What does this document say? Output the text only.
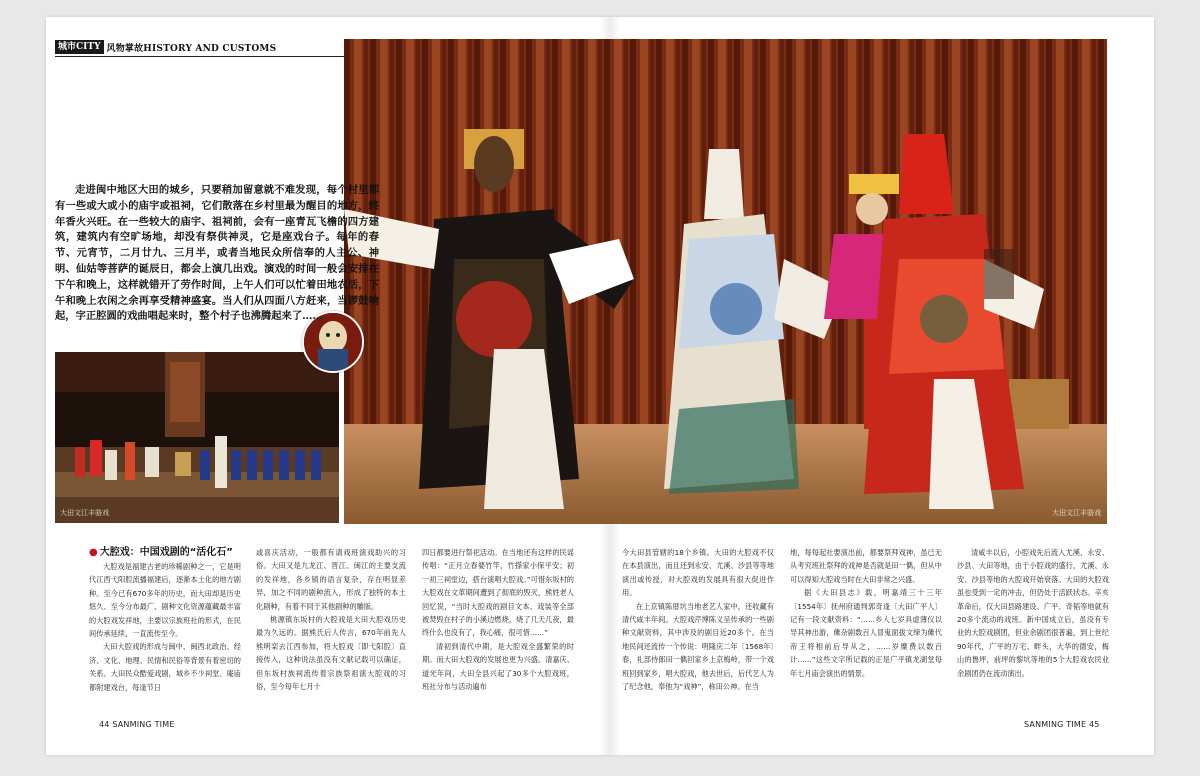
城市CITY 风物掌故HISTORY AND CUSTOMS
大田文江丰骆戏
大田文江丰骆戏

走进闽中地区大田的城乡，只要稍加留意就不难发现，每个村里都有一些或大或小的庙宇或祖祠，它们散落在乡村里最为醒目的地方，终年香火兴旺。在一些较大的庙宇、祖祠前，会有一座青瓦飞檐的四方建筑，建筑内有空旷场地，却没有祭供神灵，它是座戏台子。每年的春节、元宵节，二月廿九、三月半，或者当地民众所信奉的人主公、神明、仙姑等菩萨的诞辰日，都会上演几出戏。演戏的时间一般会安排在下午和晚上，这样就错开了劳作时间，上午人们可以忙着田地农活，下午和晚上农闲之余再享受精神盛宴。当人们从四面八方赶来，当锣鼓响起，字正腔圆的戏曲唱起来时，整个村子也沸腾起来了……

● 大腔戏：中国戏剧的“活化石”

大腔戏是福建古老的珍稀剧种之一，它是明代江西弋阳腔流播福建后，逐渐本土化的地方剧种。至今已有670多年的历史，而大田却是历史悠久、至今分布最广、剧种文化资源蕴藏最丰富的大腔戏发祥地，主要以宗族班社的形式，在民间传承延续，一直流传至今。

大田大腔戏的形成与闽中、闽西北政治、经济、文化、地理、民情和民俗等背景有着密切的关系。大田民众酷爱戏剧，城乡不少祠堂、庵庙都附建戏台，每逢节日

或喜庆活动，一般都有请戏班演戏助兴的习俗。大田又是九龙江、晋江、闽江的主要支流的发祥地，各乡镇的语言复杂，存在明显差异，加之不同的剧种流入，形成了独特的本土化剧种，有着不同于其他剧种的雕版。

桃源镇东坂村的大腔戏是大田大腔戏历史最为久远的。据熊氏后人传言，670年前先人熊明栾去江西参加，将大腔戏〔即弋阳腔〕直接传入，这种说法虽没有文献记载可以确证，但东坂村族祠流传着宗族祭祖演大腔戏的习俗，至今每年七月十

四日都要进行祭祀活动。在当地还有这样的民谣传唱：“正月立春婆竹竿，竹搽家小保平安；初一初三祠堂边，搭台演唱大腔戏。”可惜东坂村的大腔戏在文革期间遭到了彻底的毁灭，熊姓老人回忆说，“当时大腔戏的剧目文本、戏装等全部被焚毁在村子的小溪边燃烧，烧了几天几夜，最终什么也没有了，我心痛，很可惜……”

清初到清代中期，是大腔戏全盛繁荣的时期。而大田大腔戏的发展也更为兴盛。清嘉庆、道光年间，大田全县兴起了30多个大腔戏班，班社分布与活动遍布

今大田县管辖的18个乡镇。大田的大腔戏不仅在本县演出，而且还到永安、尤溪、沙县等等地演出或传授，对大腔戏的发展具有很大促进作用。

在上京镇陈厝坑当地老艺人家中，还收藏有清代咸丰年间。大腔戏芹博陈义呈传承的一些剧种文献资料，其中涉及的剧目近20多个。在当地民间还流传一个传说：明隆庆二年〔1568年〕春，礼部侍郎田一儁回家乡上京梅岭，带一个戏班回到家乡，唱大腔戏，他去世后，后代艺人为了纪念他，奉他为“戏神”，称田公神。在当

地，每每起社要演出前，都要祭拜戏神，虽已无从考究班社祭拜的戏神是否就是田一儁，但从中可以得知大腔戏当时在大田非常之兴盛。

据《大田县志》载，明嘉靖三十三年〔1554年〕抚州府通判郭奇逢〔大田广平人〕记有一段文献资料：“……乡人七岁具虚薄仪以导其神出游，傩杂剧数百人冒鬼面拔文缔为傩代帝王将相前后导从之，……岁糜费以数百计……”这些文字所记载的正是广平镇龙湖堂每年七月庙会演出的情景。

清咸丰以后，小腔戏先后流入尤溪、永安、沙县、大田等地，由于小腔戏的盛行，尤溪、永安、沙县等地的大腔戏开始衰落。大田的大腔戏虽也受到一定的冲击，但仍处于活跃状态。辛亥革命后，仅大田县路建设、广平、奇韬等地就有20多个流动的戏班。新中国成立后，虽没有专业的大腔戏剧团，但业余剧团很普遍，到上世纪90年代，广平的万宅、畔头，大华的德安，梅山的鲁坪，前坪的黎坑等地的5个大腔戏农民业余剧团仍在流动演出。

44 SANMING TIME	SANMING TIME 45
